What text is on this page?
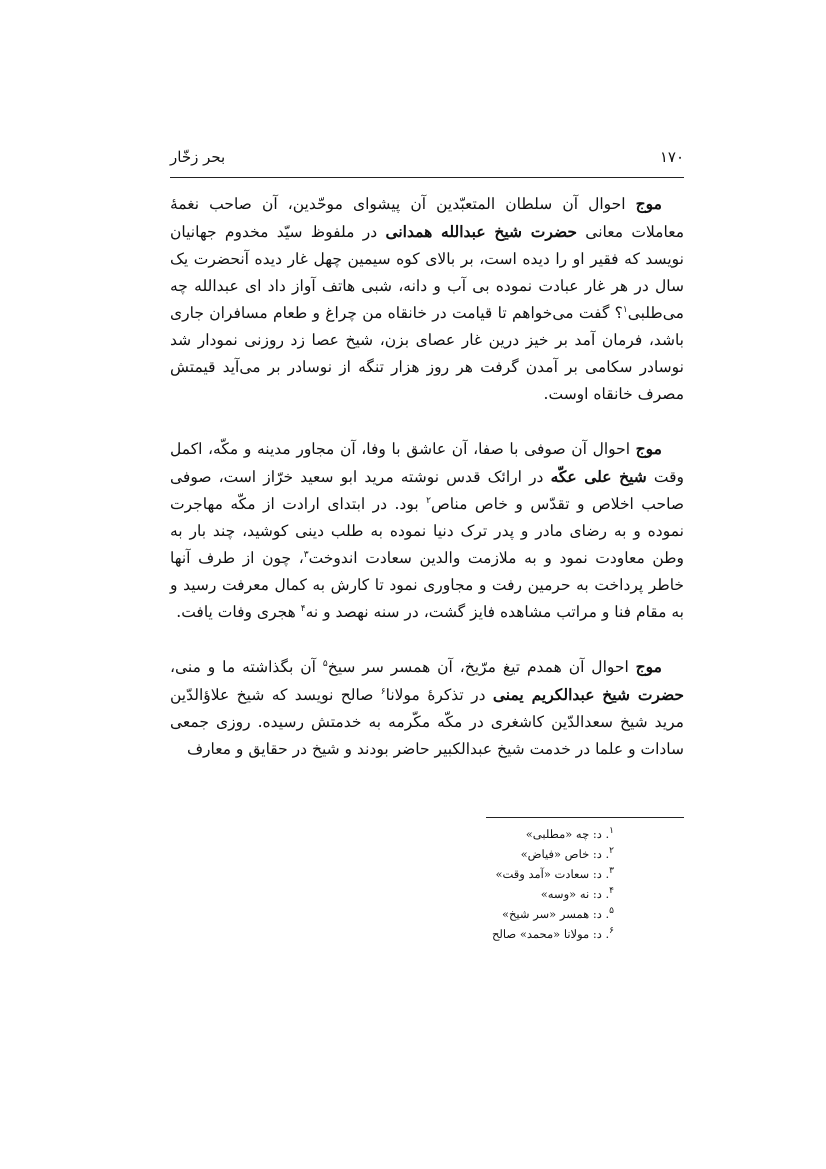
۱۷۰
بحر زخّار

موج احوال آن سلطان المتعبّدین آن پیشوای موحّدین، آن صاحب نغمهٔ معاملات معانی حضرت شیخ عبدالله همدانی در ملفوظ سیّد مخدوم جهانیان نویسد که فقیر او را دیده است، بر بالای کوه سیمین چهل غار دیده آنحضرت یک سال در هر غار عبادت نموده بی آب و دانه، شبی هاتف آواز داد ای عبدالله چه می‌طلبی$^۱$؟ گفت می‌خواهم تا قیامت در خانقاه من چراغ و طعام مسافران جاری باشد، فرمان آمد بر خیز درین غار عصای بزن، شیخ عصا زد روزنی نمودار شد نوسادر سکامی بر آمدن گرفت هر روز هزار تنگه از نوسادر بر می‌آید قیمتش مصرف خانقاه اوست.

موج احوال آن صوفی با صفا، آن عاشق با وفا، آن مجاور مدینه و مکّه، اکمل وقت شیخ علی عکّه در ارائک قدس نوشته مرید ابو سعید خرّاز است، صوفی صاحب اخلاص و تقدّس و خاص مناص$^۲$ بود. در ابتدای ارادت از مکّه مهاجرت نموده و به رضای مادر و پدر ترک دنیا نموده به طلب دینی کوشید، چند بار به وطن معاودت نمود و به ملازمت والدین سعادت اندوخت$^۳$، چون از طرف آنها خاطر پرداخت به حرمین رفت و مجاوری نمود تا کارش به کمال معرفت رسید و به مقام فنا و مراتب مشاهده فایز گشت، در سنه نهصد و نه$^۴$ هجری وفات یافت.

موج احوال آن همدم تیغ مرّیخ، آن همسر سر سیخ$^۵$ آن بگذاشته ما و منی، حضرت شیخ عبدالکریم یمنی در تذکرهٔ مولانا$^۶$ صالح نویسد که شیخ علاؤالدّین مرید شیخ سعدالدّین کاشغری در مکّه مکّرمه به خدمتش رسیده. روزی جمعی سادات و علما در خدمت شیخ عبدالکبیر حاضر بودند و شیخ در حقایق و معارف

$^۱$. د: چه «مطلبی»

$^۲$. د: خاص «فیاض»

$^۳$. د: سعادت «آمد وقت»

$^۴$. د: نه «وسه»

$^۵$. د: همسر «سر شیخ»

$^۶$. د: مولانا «محمد» صالح
